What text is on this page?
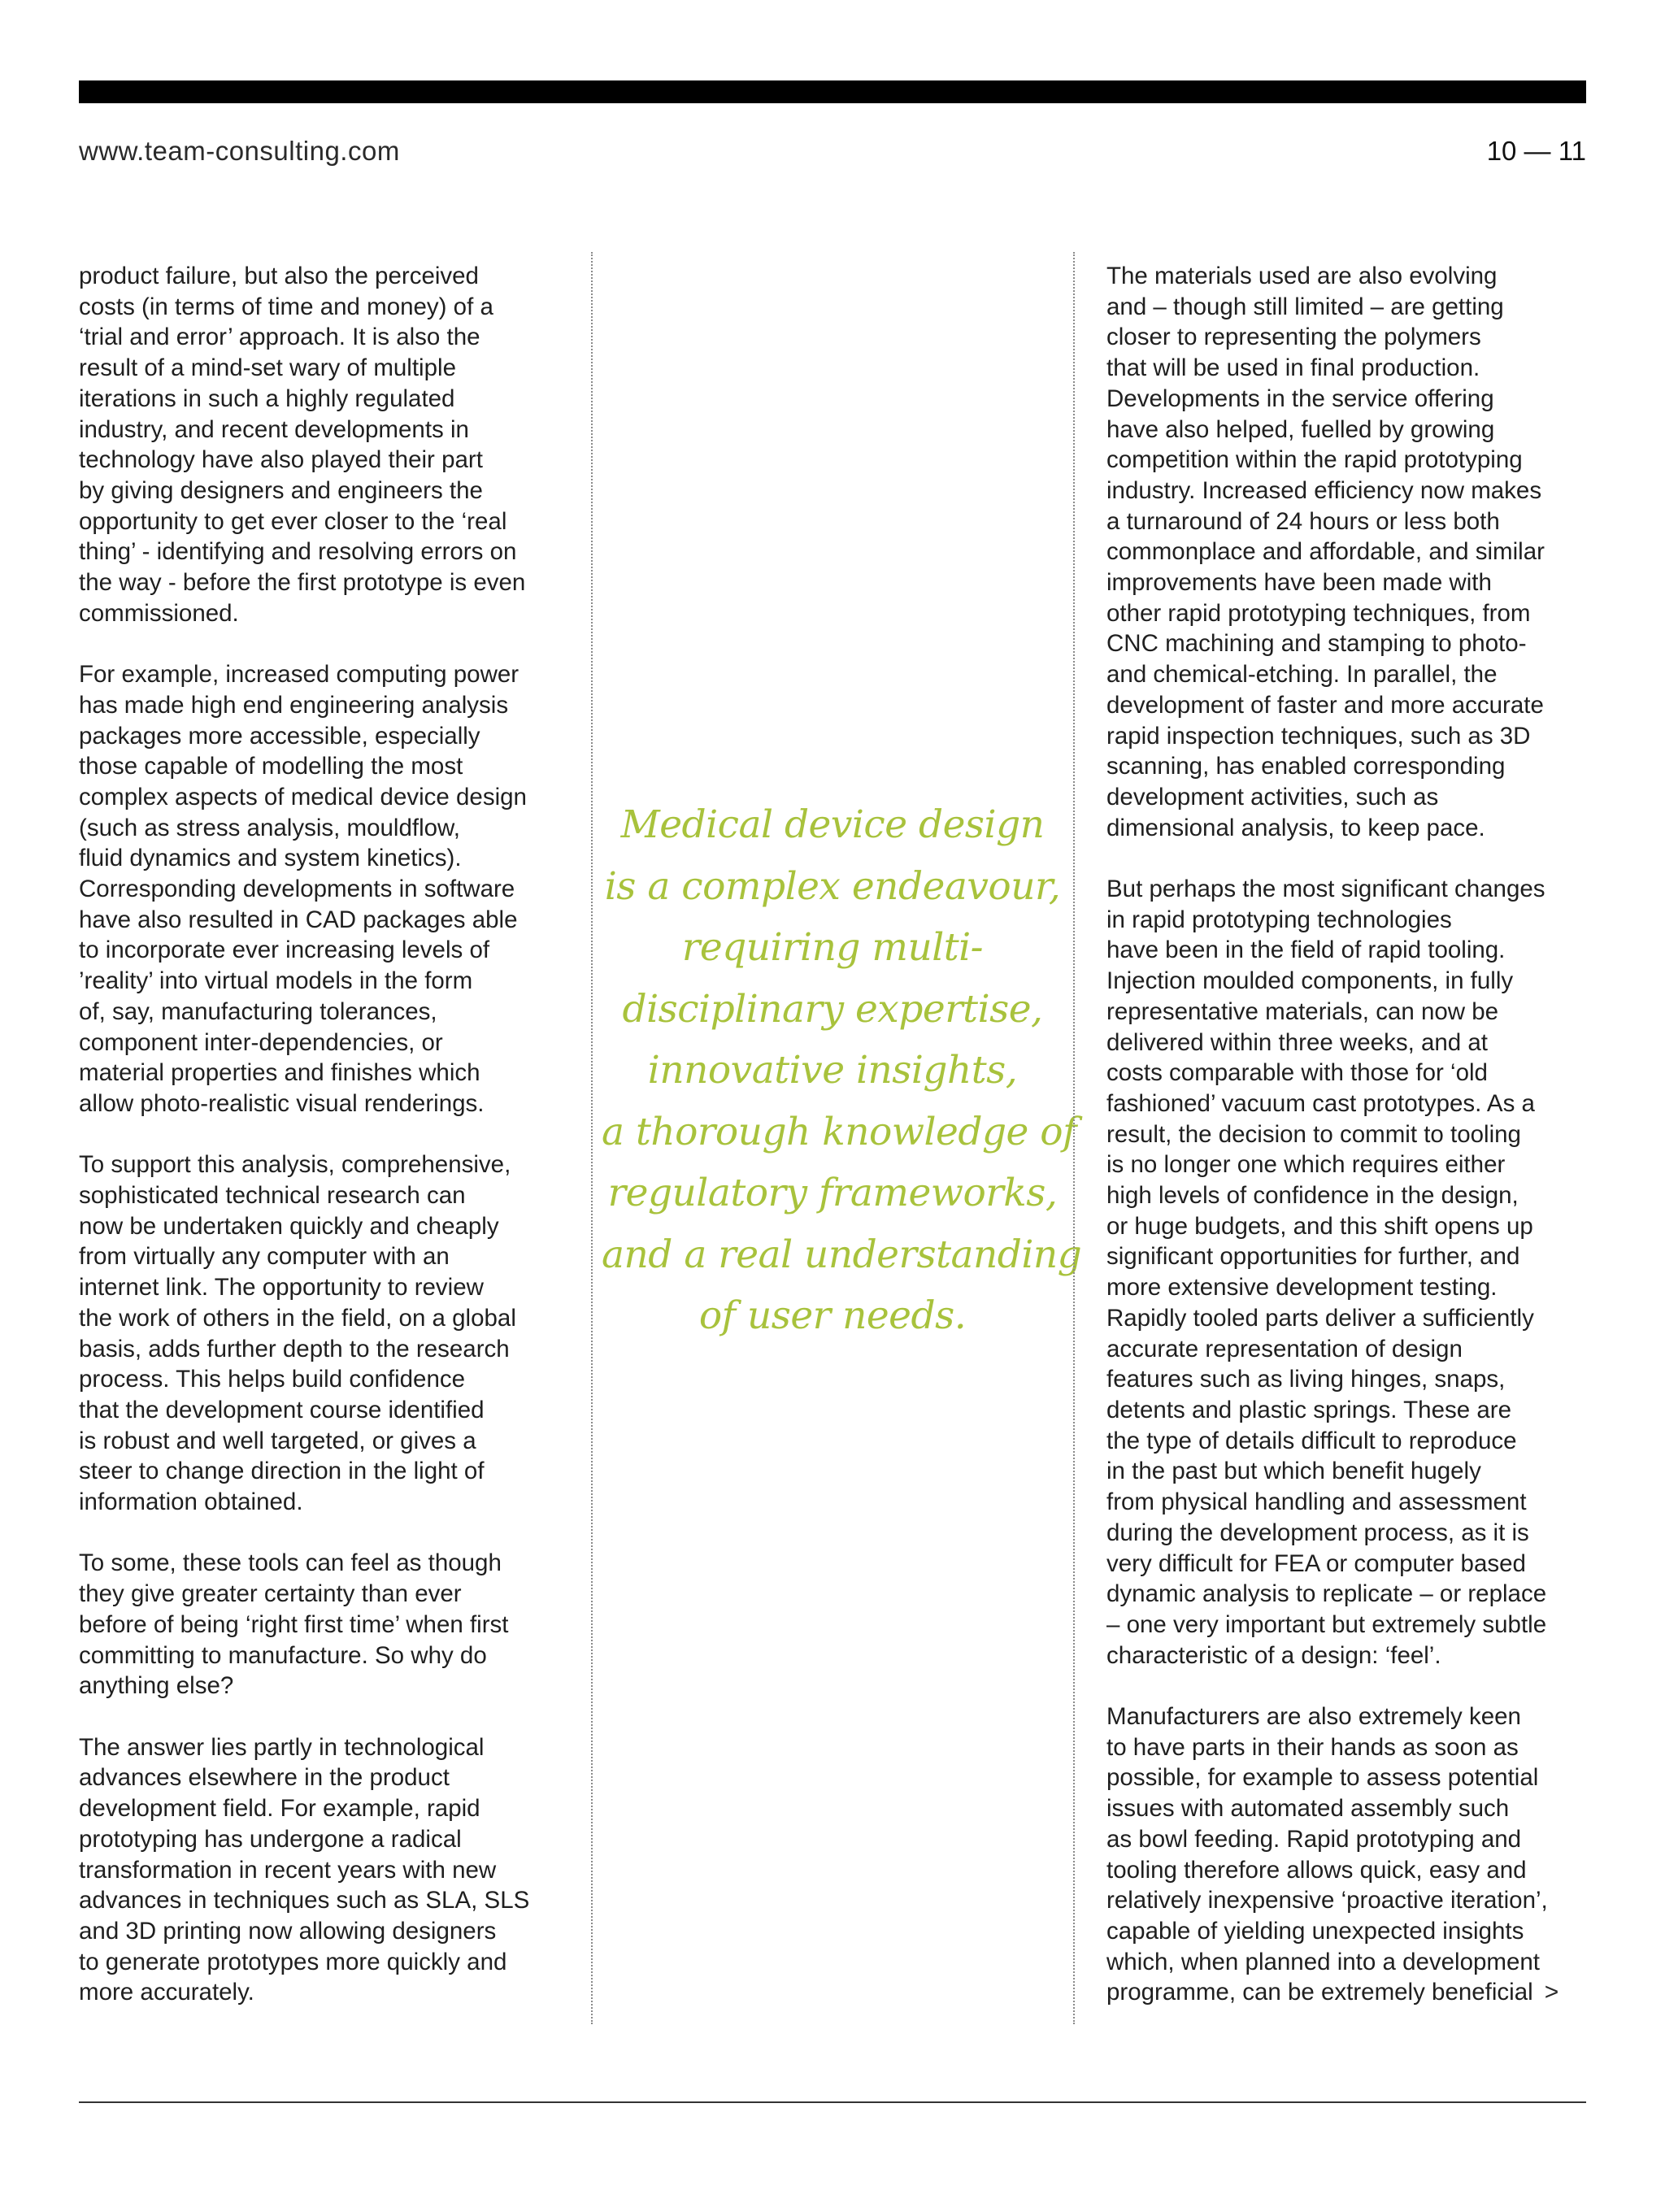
www.team-consulting.com	10 — 11

product failure, but also the perceived
costs (in terms of time and money) of a
‘trial and error’ approach. It is also the
result of a mind-set wary of multiple
iterations in such a highly regulated
industry, and recent developments in
technology have also played their part
by giving designers and engineers the
opportunity to get ever closer to the ‘real
thing’ - identifying and resolving errors on
the way - before the first prototype is even
commissioned.

For example, increased computing power
has made high end engineering analysis
packages more accessible, especially
those capable of modelling the most
complex aspects of medical device design
(such as stress analysis, mouldflow,
fluid dynamics and system kinetics).
Corresponding developments in software
have also resulted in CAD packages able
to incorporate ever increasing levels of
’reality’ into virtual models in the form
of, say, manufacturing tolerances,
component inter-dependencies, or
material properties and finishes which
allow photo-realistic visual renderings.

To support this analysis, comprehensive,
sophisticated technical research can
now be undertaken quickly and cheaply
from virtually any computer with an
internet link. The opportunity to review
the work of others in the field, on a global
basis, adds further depth to the research
process. This helps build confidence
that the development course identified
is robust and well targeted, or gives a
steer to change direction in the light of
information obtained.

To some, these tools can feel as though
they give greater certainty than ever
before of being ‘right first time’ when first
committing to manufacture. So why do
anything else?

The answer lies partly in technological
advances elsewhere in the product
development field. For example, rapid
prototyping has undergone a radical
transformation in recent years with new
advances in techniques such as SLA, SLS
and 3D printing now allowing designers
to generate prototypes more quickly and
more accurately.

Medical device design
is a complex endeavour,
requiring multi-
disciplinary expertise,
innovative insights,
a thorough knowledge of
regulatory frameworks,
and a real understanding
of user needs.

The materials used are also evolving
and – though still limited – are getting
closer to representing the polymers
that will be used in final production.
Developments in the service offering
have also helped, fuelled by growing
competition within the rapid prototyping
industry. Increased efficiency now makes
a turnaround of 24 hours or less both
commonplace and affordable, and similar
improvements have been made with
other rapid prototyping techniques, from
CNC machining and stamping to photo-
and chemical-etching. In parallel, the
development of faster and more accurate
rapid inspection techniques, such as 3D
scanning, has enabled corresponding
development activities, such as
dimensional analysis, to keep pace.

But perhaps the most significant changes
in rapid prototyping technologies
have been in the field of rapid tooling.
Injection moulded components, in fully
representative materials, can now be
delivered within three weeks, and at
costs comparable with those for ‘old
fashioned’ vacuum cast prototypes. As a
result, the decision to commit to tooling
is no longer one which requires either
high levels of confidence in the design,
or huge budgets, and this shift opens up
significant opportunities for further, and
more extensive development testing.
Rapidly tooled parts deliver a sufficiently
accurate representation of design
features such as living hinges, snaps,
detents and plastic springs. These are
the type of details difficult to reproduce
in the past but which benefit hugely
from physical handling and assessment
during the development process, as it is
very difficult for FEA or computer based
dynamic analysis to replicate – or replace
– one very important but extremely subtle
characteristic of a design: ‘feel’.

Manufacturers are also extremely keen
to have parts in their hands as soon as
possible, for example to assess potential
issues with automated assembly such
as bowl feeding. Rapid prototyping and
tooling therefore allows quick, easy and
relatively inexpensive ‘proactive iteration’,
capable of yielding unexpected insights
which, when planned into a development
programme, can be extremely beneficial >
